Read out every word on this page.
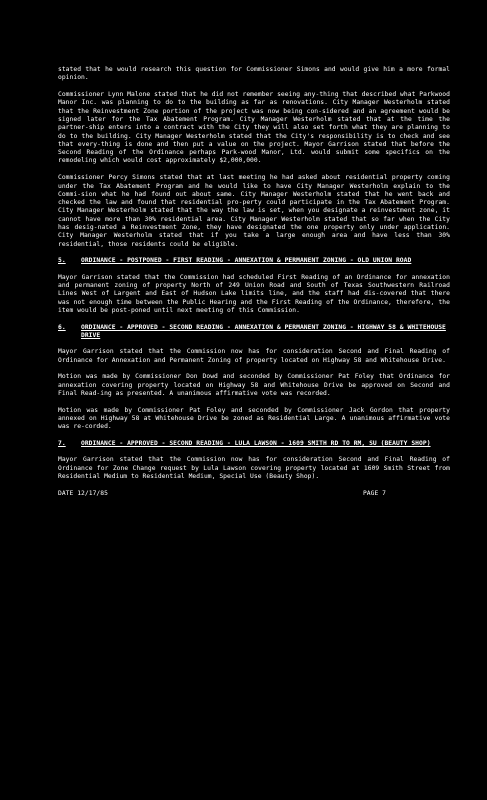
stated that he would research this question for Commissioner Simons and would give him a more formal opinion.

Commissioner Lynn Malone stated that he did not remember seeing any-thing that described what Parkwood Manor Inc. was planning to do to the building as far as renovations. City Manager Westerholm stated that the Reinvestment Zone portion of the project was now being con-sidered and an agreement would be signed later for the Tax Abatement Program. City Manager Westerholm stated that at the time the partner-ship enters into a contract with the City they will also set forth what they are planning to do to the building. City Manager Westerholm stated that the City's responsibility is to check and see that every-thing is done and then put a value on the project. Mayor Garrison stated that before the Second Reading of the Ordinance perhaps Park-wood Manor, Ltd. would submit some specifics on the remodeling which would cost approximately $2,000,000.

Commissioner Percy Simons stated that at last meeting he had asked about residential property coming under the Tax Abatement Program and he would like to have City Manager Westerholm explain to the Commi-sion what he had found out about same. City Manager Westerholm stated that he went back and checked the law and found that residential pro-perty could participate in the Tax Abatement Program. City Manager Westerholm stated that the way the law is set, when you designate a reinvestment zone, it cannot have more than 30% residential area. City Manager Westerholm stated that so far when the City has desig-nated a Reinvestment Zone, they have designated the one property only under application. City Manager Westerholm stated that if you take a large enough area and have less than 30% residential, those residents could be eligible.

5.	ORDINANCE - POSTPONED - FIRST READING - ANNEXATION & PERMANENT ZONING - OLD UNION ROAD

Mayor Garrison stated that the Commission had scheduled First Reading of an Ordinance for annexation and permanent zoning of property North of 249 Union Road and South of Texas Southwestern Railroad Lines West of Largent and East of Hudson Lake limits line, and the staff had dis-covered that there was not enough time between the Public Hearing and the First Reading of the Ordinance, therefore, the item would be post-poned until next meeting of this Commission.

6.	ORDINANCE - APPROVED - SECOND READING - ANNEXATION & PERMANENT ZONING - HIGHWAY 58 & WHITEHOUSE DRIVE

Mayor Garrison stated that the Commission now has for consideration Second and Final Reading of Ordinance for Annexation and Permanent Zoning of property located on Highway 58 and Whitehouse Drive.

Motion was made by Commissioner Don Dowd and seconded by Commissioner Pat Foley that Ordinance for annexation covering property located on Highway 58 and Whitehouse Drive be approved on Second and Final Read-ing as presented. A unanimous affirmative vote was recorded.

Motion was made by Commissioner Pat Foley and seconded by Commissioner Jack Gordon that property annexed on Highway 58 at Whitehouse Drive be zoned as Residential Large. A unanimous affirmative vote was re-corded.

7.	ORDINANCE - APPROVED - SECOND READING - LULA LAWSON - 1609 SMITH RD TO RM, SU (BEAUTY SHOP)

Mayor Garrison stated that the Commission now has for consideration Second and Final Reading of Ordinance for Zone Change request by Lula Lawson covering property located at 1609 Smith Street from Residential Medium to Residential Medium, Special Use (Beauty Shop).

DATE 12/17/85	PAGE 7
